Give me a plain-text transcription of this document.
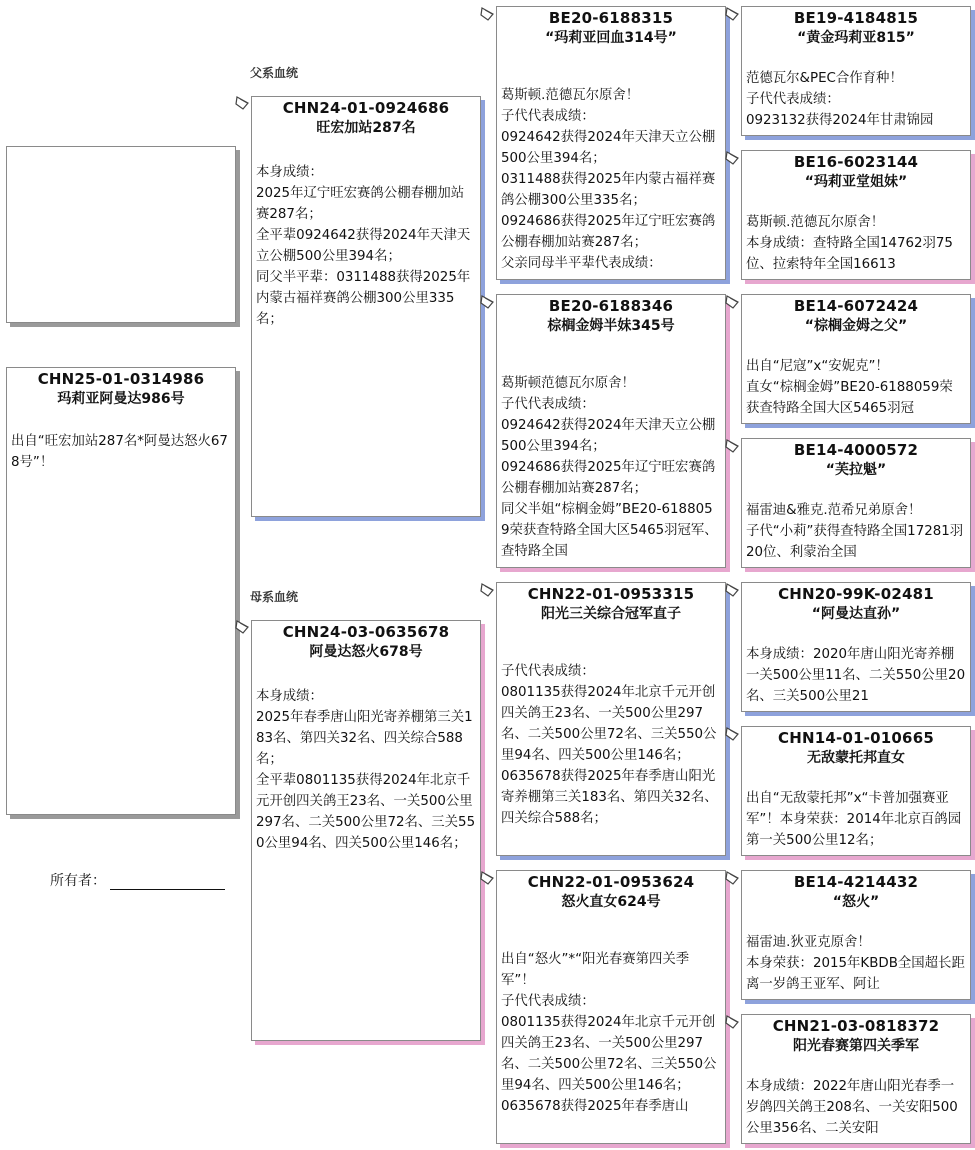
父系血统
母系血统
CHN25-01-0314986
玛莉亚阿曼达986号
出自“旺宏加站287名*阿曼达怒火678号”！
所有者：
CHN24-01-0924686
旺宏加站287名
本身成绩：
2025年辽宁旺宏赛鸽公棚春棚加站赛287名；
全平辈0924642获得2024年天津天立公棚500公里394名；
同父半平辈：0311488获得2025年内蒙古福祥赛鸽公棚300公里335名；
CHN24-03-0635678
阿曼达怒火678号
本身成绩：
2025年春季唐山阳光寄养棚第三关183名、第四关32名、四关综合588名；
全平辈0801135获得2024年北京千元开创四关鸽王23名、一关500公里297名、二关500公里72名、三关550公里94名、四关500公里146名；
BE20-6188315
“玛莉亚回血314号”
葛斯顿.范德瓦尔原舍！
子代代表成绩：
0924642获得2024年天津天立公棚500公里394名；
0311488获得2025年内蒙古福祥赛鸽公棚300公里335名；
0924686获得2025年辽宁旺宏赛鸽公棚春棚加站赛287名；
父亲同母半平辈代表成绩：
BE20-6188346
棕榈金姆半妹345号
葛斯顿范德瓦尔原舍！
子代代表成绩：
0924642获得2024年天津天立公棚500公里394名；
0924686获得2025年辽宁旺宏赛鸽公棚春棚加站赛287名；
同父半姐“棕榈金姆”BE20-6188059荣获查特路全国大区5465羽冠军、查特路全国
CHN22-01-0953315
阳光三关综合冠军直子
子代代表成绩：
0801135获得2024年北京千元开创四关鸽王23名、一关500公里297名、二关500公里72名、三关550公里94名、四关500公里146名；
0635678获得2025年春季唐山阳光寄养棚第三关183名、第四关32名、四关综合588名；
CHN22-01-0953624
怒火直女624号
出自“怒火”*“阳光春赛第四关季军”！
子代代表成绩：
0801135获得2024年北京千元开创四关鸽王23名、一关500公里297名、二关500公里72名、三关550公里94名、四关500公里146名；
0635678获得2025年春季唐山
BE19-4184815
“黄金玛莉亚815”
范德瓦尔&PEC合作育种！
子代代表成绩：
0923132获得2024年甘肃锦园
BE16-6023144
“玛莉亚堂姐妹”
葛斯顿.范德瓦尔原舍！
本身成绩：查特路全国14762羽75位、拉索特年全国16613
BE14-6072424
“棕榈金姆之父”
出自“尼寇”x“安妮克”！
直女“棕榈金姆”BE20-6188059荣获查特路全国大区5465羽冠
BE14-4000572
“芙拉魁”
福雷迪&雅克.范希兄弟原舍！
子代“小莉”获得查特路全国17281羽20位、利蒙治全国
CHN20-99K-02481
“阿曼达直孙”
本身成绩：2020年唐山阳光寄养棚一关500公里11名、二关550公里20名、三关500公里21
CHN14-01-010665
无敌蒙托邦直女
出自“无敌蒙托邦”x“卡普加强赛亚军”！本身荣获：2014年北京百鸽园第一关500公里12名；
BE14-4214432
“怒火”
福雷迪.狄亚克原舍！
本身荣获：2015年KBDB全国超长距离一岁鸽王亚军、阿让
CHN21-03-0818372
阳光春赛第四关季军
本身成绩：2022年唐山阳光春季一岁鸽四关鸽王208名、一关安阳500公里356名、二关安阳
